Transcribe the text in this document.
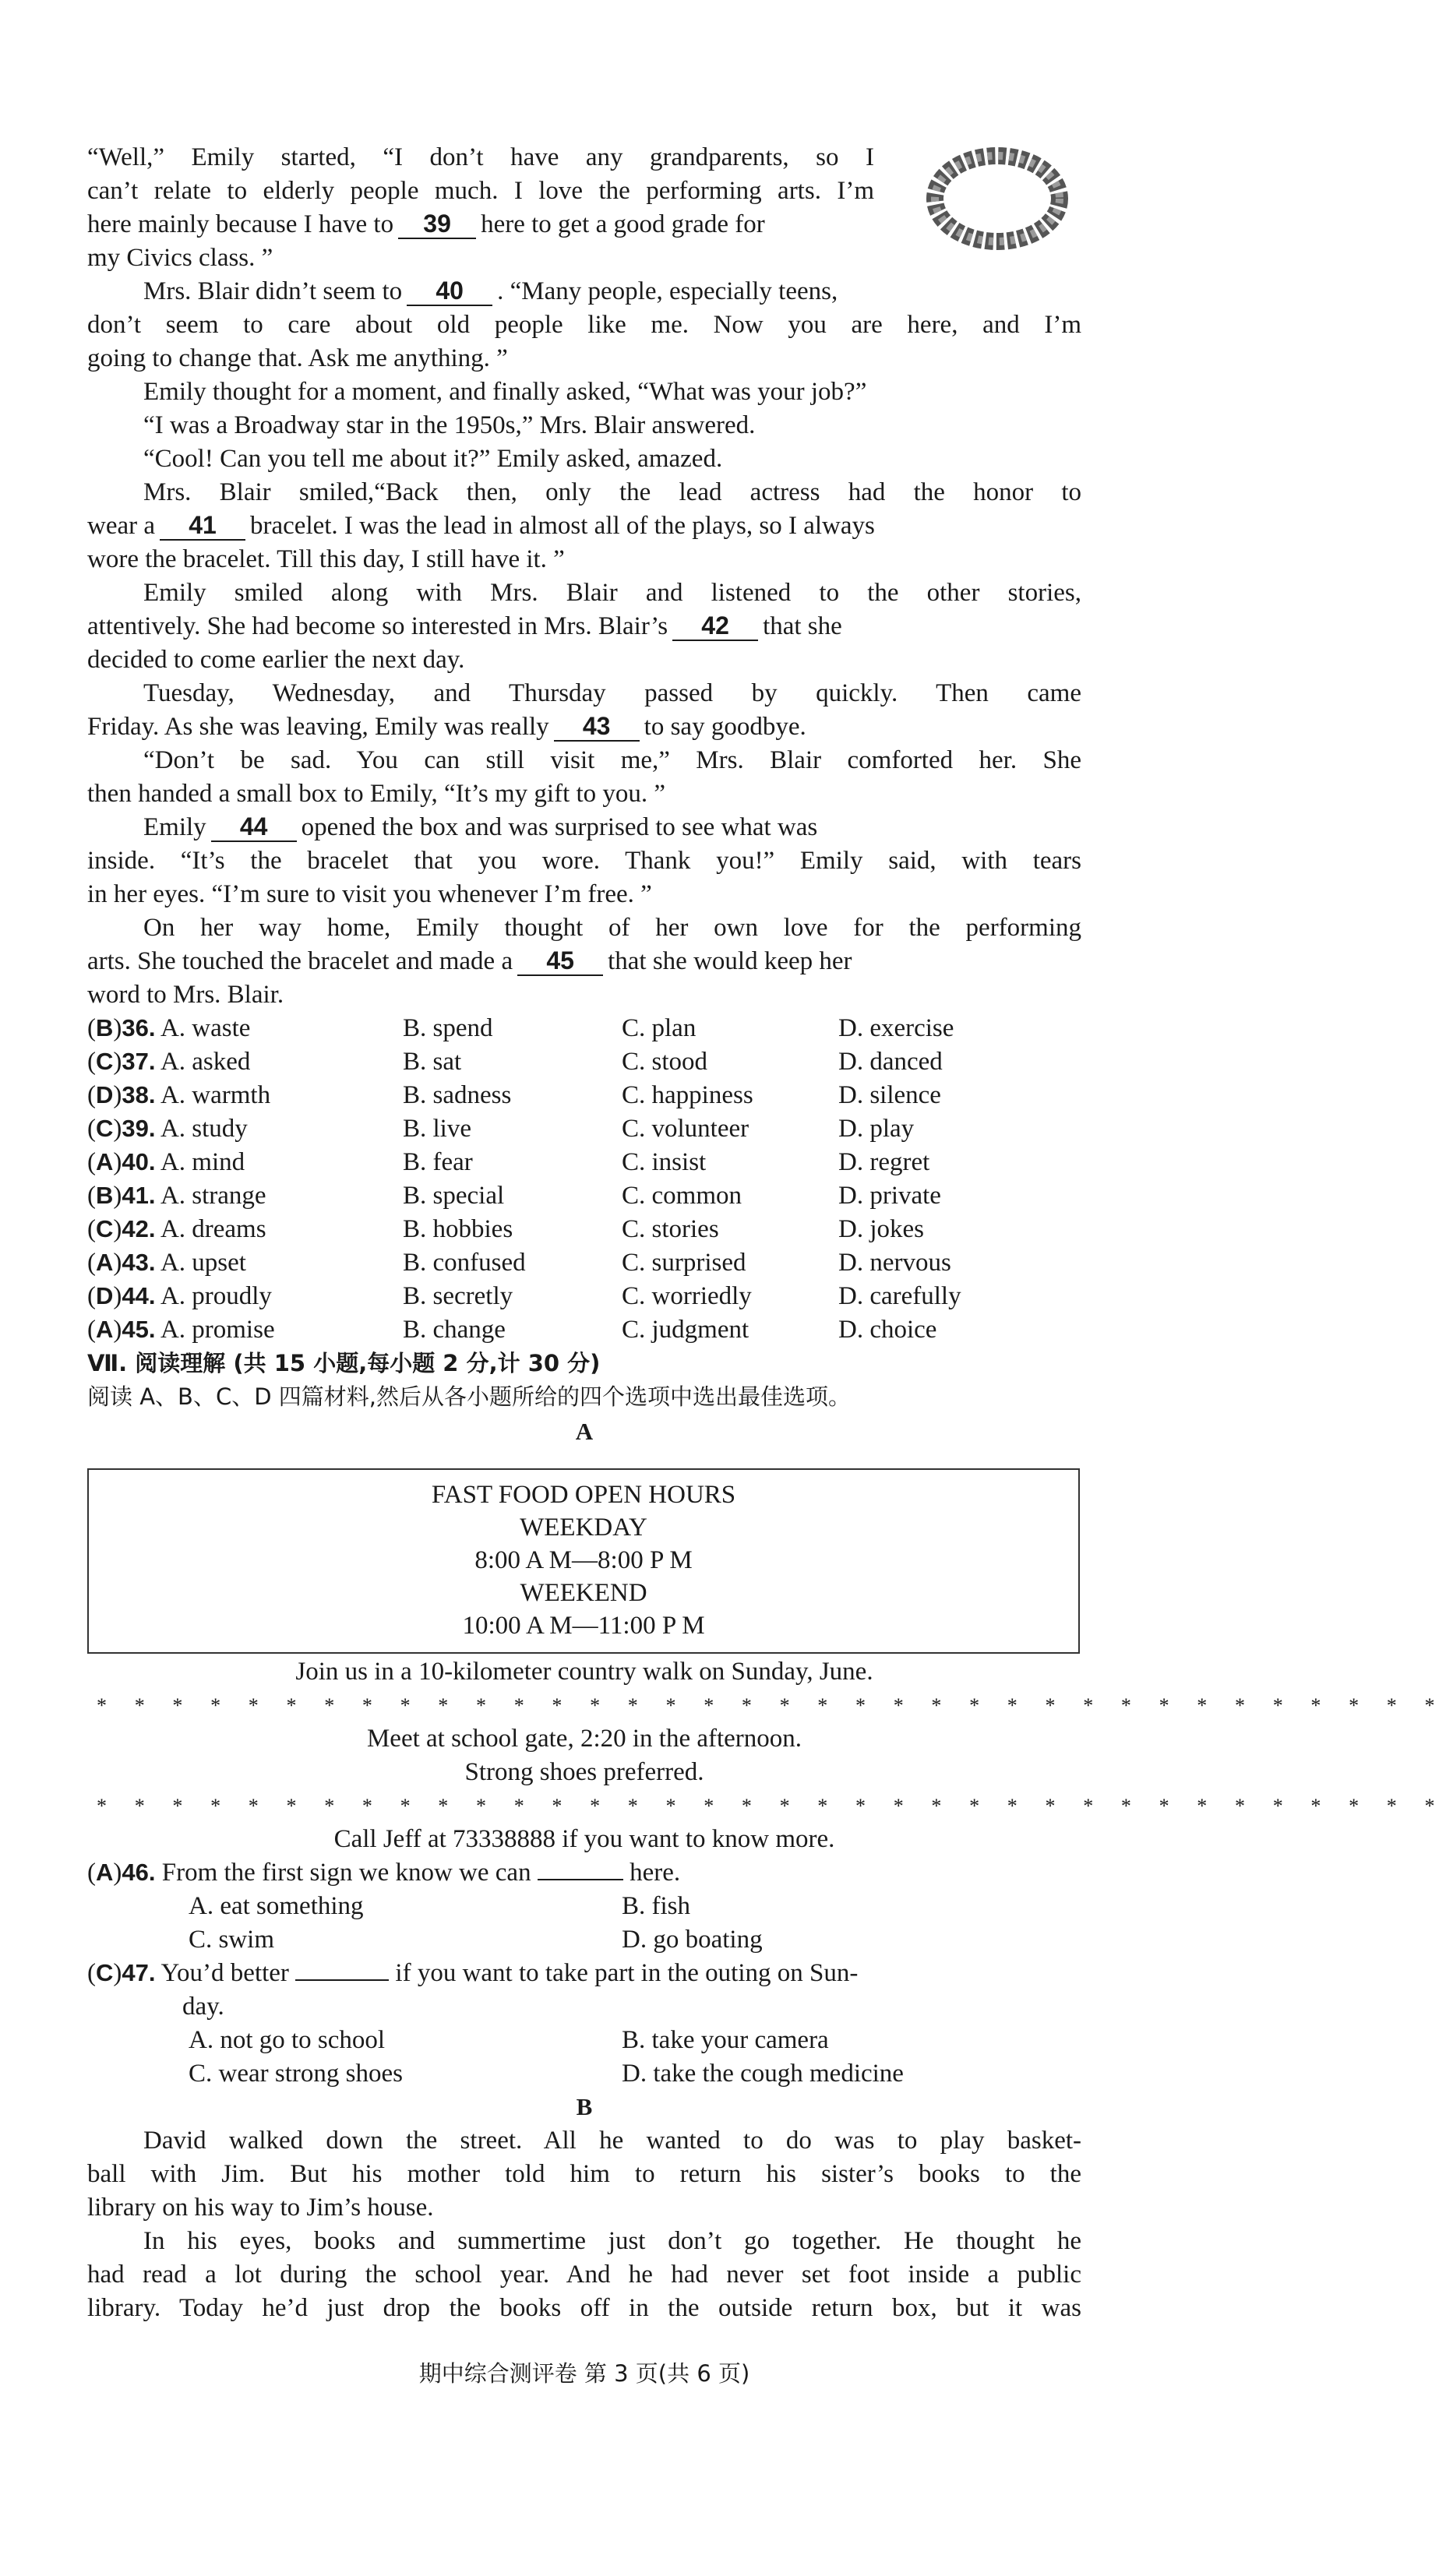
“Well,” Emily started, “I don’t have any grandparents, so I
can’t relate to elderly people much. I love the performing arts. I’m
here mainly because I have to 39 here to get a good grade for
my Civics class. ”
Mrs. Blair didn’t seem to 40 . “Many people, especially teens,
don’t seem to care about old people like me. Now you are here, and I’m
going to change that. Ask me anything. ”
Emily thought for a moment, and finally asked, “What was your job?”
“I was a Broadway star in the 1950s,” Mrs. Blair answered.
“Cool! Can you tell me about it?” Emily asked, amazed.
Mrs. Blair smiled,“Back then, only the lead actress had the honor to
wear a 41 bracelet. I was the lead in almost all of the plays, so I always
wore the bracelet. Till this day, I still have it. ”
Emily smiled along with Mrs. Blair and listened to the other stories,
attentively. She had become so interested in Mrs. Blair’s 42 that she
decided to come earlier the next day.
Tuesday, Wednesday, and Thursday passed by quickly. Then came
Friday. As she was leaving, Emily was really 43 to say goodbye.
“Don’t be sad. You can still visit me,” Mrs. Blair comforted her. She
then handed a small box to Emily, “It’s my gift to you. ”
Emily 44 opened the box and was surprised to see what was
inside. “It’s the bracelet that you wore. Thank you!” Emily said, with tears
in her eyes. “I’m sure to visit you whenever I’m free. ”
On her way home, Emily thought of her own love for the performing
arts. She touched the bracelet and made a 45 that she would keep her
word to Mrs. Blair.
(B)36. A. waste	B. spend	C. plan	D. exercise
(C)37. A. asked	B. sat	C. stood	D. danced
(D)38. A. warmth	B. sadness	C. happiness	D. silence
(C)39. A. study	B. live	C. volunteer	D. play
(A)40. A. mind	B. fear	C. insist	D. regret
(B)41. A. strange	B. special	C. common	D. private
(C)42. A. dreams	B. hobbies	C. stories	D. jokes
(A)43. A. upset	B. confused	C. surprised	D. nervous
(D)44. A. proudly	B. secretly	C. worriedly	D. carefully
(A)45. A. promise	B. change	C. judgment	D. choice
Ⅶ. 阅读理解 (共 15 小题,每小题 2 分,计 30 分)
阅读 A、B、C、D 四篇材料,然后从各小题所给的四个选项中选出最佳选项。
A
FAST FOOD OPEN HOURS
WEEKDAY
8:00 A M—8:00 P M
WEEKEND
10:00 A M—11:00 P M
Join us in a 10-kilometer country walk on Sunday, June.
* * * * * * * * * * * * * * * * * * * * * * * * * * * * * * * * * * * *
Meet at school gate, 2:20 in the afternoon.
Strong shoes preferred.
* * * * * * * * * * * * * * * * * * * * * * * * * * * * * * * * * * * *
Call Jeff at 73338888 if you want to know more.
(A)46. From the first sign we know we can	here.
A. eat something	B. fish
C. swim	D. go boating
(C)47. You’d better	if you want to take part in the outing on Sun-
day.
A. not go to school	B. take your camera
C. wear strong shoes	D. take the cough medicine
B
David walked down the street. All he wanted to do was to play basket-
ball with Jim. But his mother told him to return his sister’s books to the
library on his way to Jim’s house.
In his eyes, books and summertime just don’t go together. He thought he
had read a lot during the school year. And he had never set foot inside a public
library. Today he’d just drop the books off in the outside return box, but it was
期中综合测评卷 第 3 页(共 6 页)
